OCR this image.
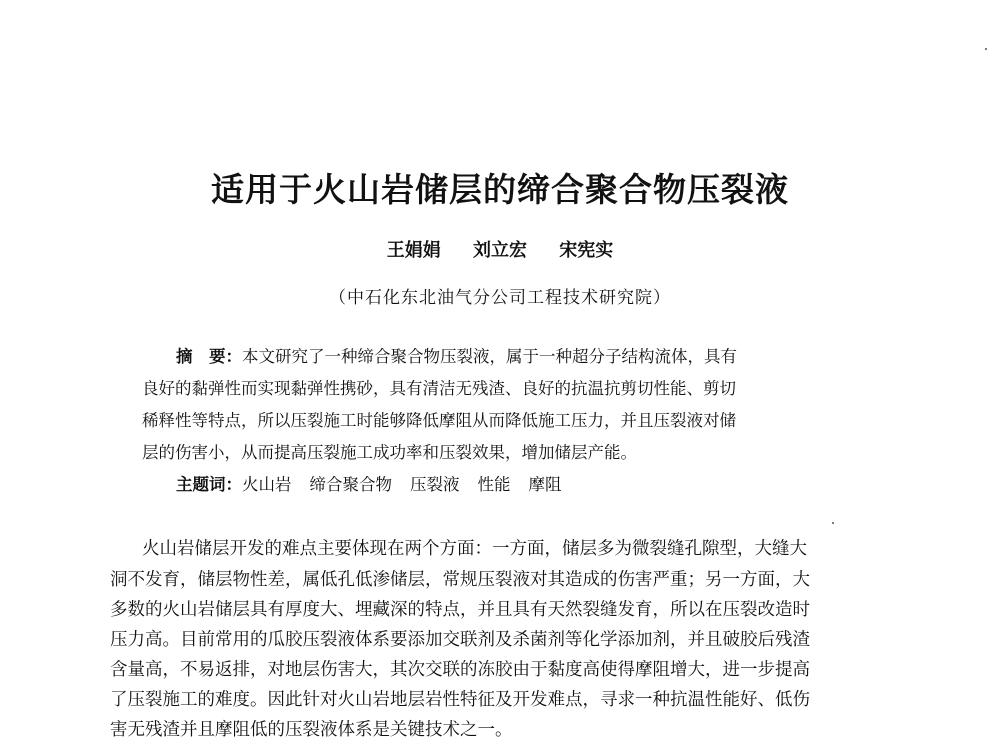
适用于火山岩储层的缔合聚合物压裂液
王娟娟 刘立宏 宋宪实
（中石化东北油气分公司工程技术研究院）
摘　要：本文研究了一种缔合聚合物压裂液，属于一种超分子结构流体，具有
良好的黏弹性而实现黏弹性携砂，具有清洁无残渣、良好的抗温抗剪切性能、剪切
稀释性等特点，所以压裂施工时能够降低摩阻从而降低施工压力，并且压裂液对储
层的伤害小，从而提高压裂施工成功率和压裂效果，增加储层产能。
主题词：火山岩 缔合聚合物 压裂液 性能 摩阻
火山岩储层开发的难点主要体现在两个方面：一方面，储层多为微裂缝孔隙型，大缝大
洞不发育，储层物性差，属低孔低渗储层，常规压裂液对其造成的伤害严重；另一方面，大
多数的火山岩储层具有厚度大、埋藏深的特点，并且具有天然裂缝发育，所以在压裂改造时
压力高。目前常用的瓜胶压裂液体系要添加交联剂及杀菌剂等化学添加剂，并且破胶后残渣
含量高，不易返排，对地层伤害大，其次交联的冻胶由于黏度高使得摩阻增大，进一步提高
了压裂施工的难度。因此针对火山岩地层岩性特征及开发难点，寻求一种抗温性能好、低伤
害无残渣并且摩阻低的压裂液体系是关键技术之一。
